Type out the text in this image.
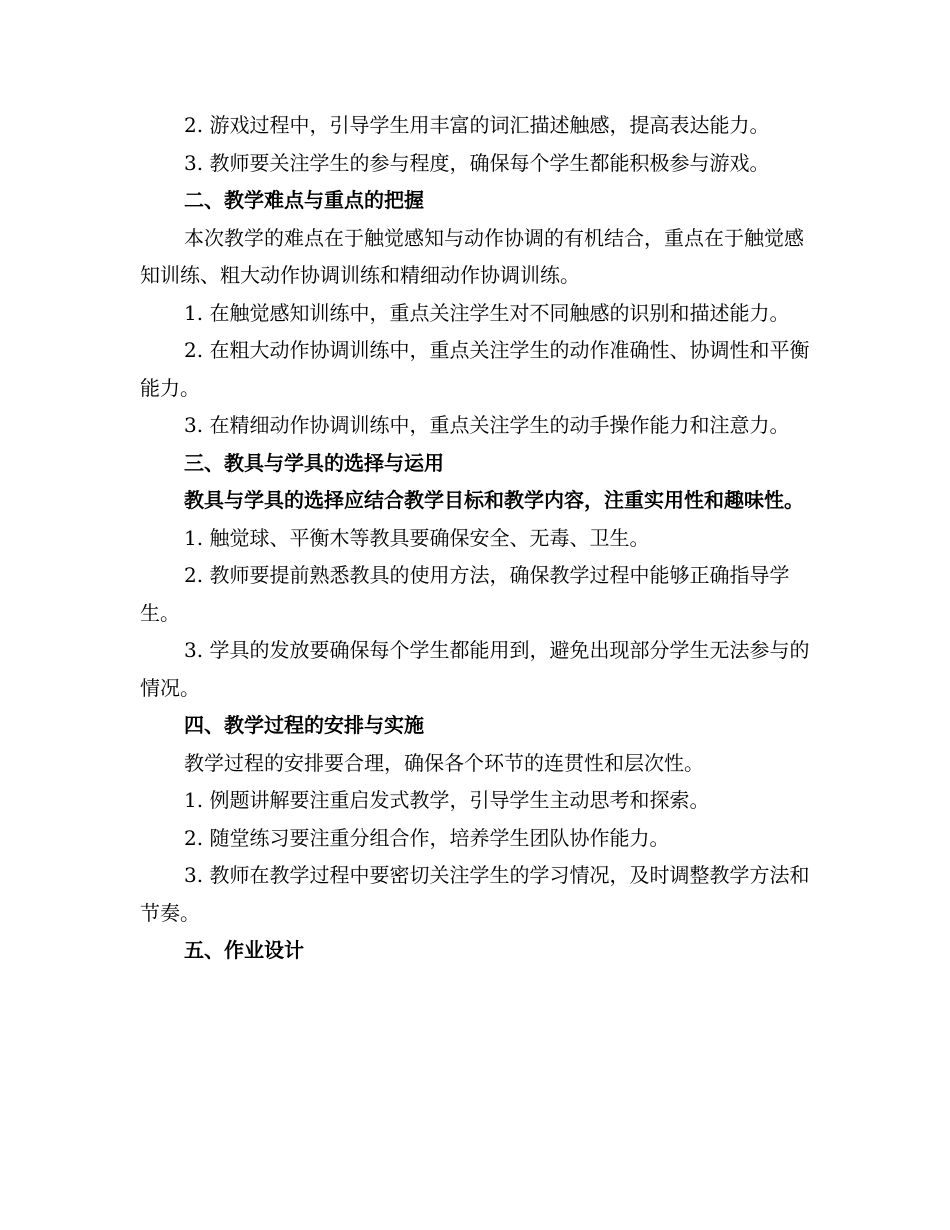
2. 游戏过程中，引导学生用丰富的词汇描述触感，提高表达能力。

3. 教师要关注学生的参与程度，确保每个学生都能积极参与游戏。

二、教学难点与重点的把握

本次教学的难点在于触觉感知与动作协调的有机结合，重点在于触觉感知训练、粗大动作协调训练和精细动作协调训练。

1. 在触觉感知训练中，重点关注学生对不同触感的识别和描述能力。

2. 在粗大动作协调训练中，重点关注学生的动作准确性、协调性和平衡能力。

3. 在精细动作协调训练中，重点关注学生的动手操作能力和注意力。

三、教具与学具的选择与运用

教具与学具的选择应结合教学目标和教学内容，注重实用性和趣味性。

1. 触觉球、平衡木等教具要确保安全、无毒、卫生。

2. 教师要提前熟悉教具的使用方法，确保教学过程中能够正确指导学生。

3. 学具的发放要确保每个学生都能用到，避免出现部分学生无法参与的情况。

四、教学过程的安排与实施

教学过程的安排要合理，确保各个环节的连贯性和层次性。

1. 例题讲解要注重启发式教学，引导学生主动思考和探索。

2. 随堂练习要注重分组合作，培养学生团队协作能力。

3. 教师在教学过程中要密切关注学生的学习情况，及时调整教学方法和节奏。

五、作业设计
